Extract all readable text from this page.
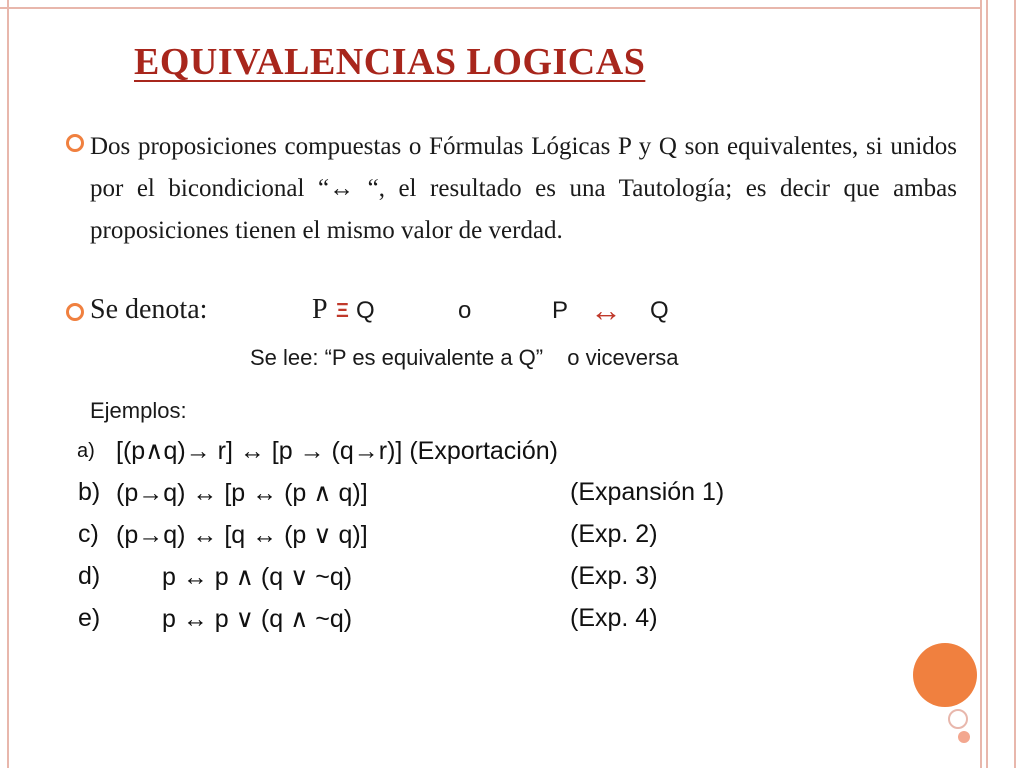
EQUIVALENCIAS LOGICAS

Dos proposiciones compuestas o Fórmulas Lógicas P y Q son equivalentes, si unidos por el bicondicional “↔ “, el resultado es una Tautología; es decir que ambas proposiciones tienen el mismo valor de verdad.

Se denota:	P Ξ Q	o	P ↔ Q
Se lee: “P es equivalente a Q” o viceversa
Ejemplos:
a) [(p∧q)→ r] ↔ [p → (q→r)] (Exportación)
b) (p→q) ↔ [p ↔ (p ∧ q)]	(Expansión 1)
c) (p→q) ↔ [q ↔ (p ∨ q)]	(Exp. 2)
d) p ↔ p ∧ (q ∨ ~q)	(Exp. 3)
e) p ↔ p ∨ (q ∧ ~q)	(Exp. 4)
